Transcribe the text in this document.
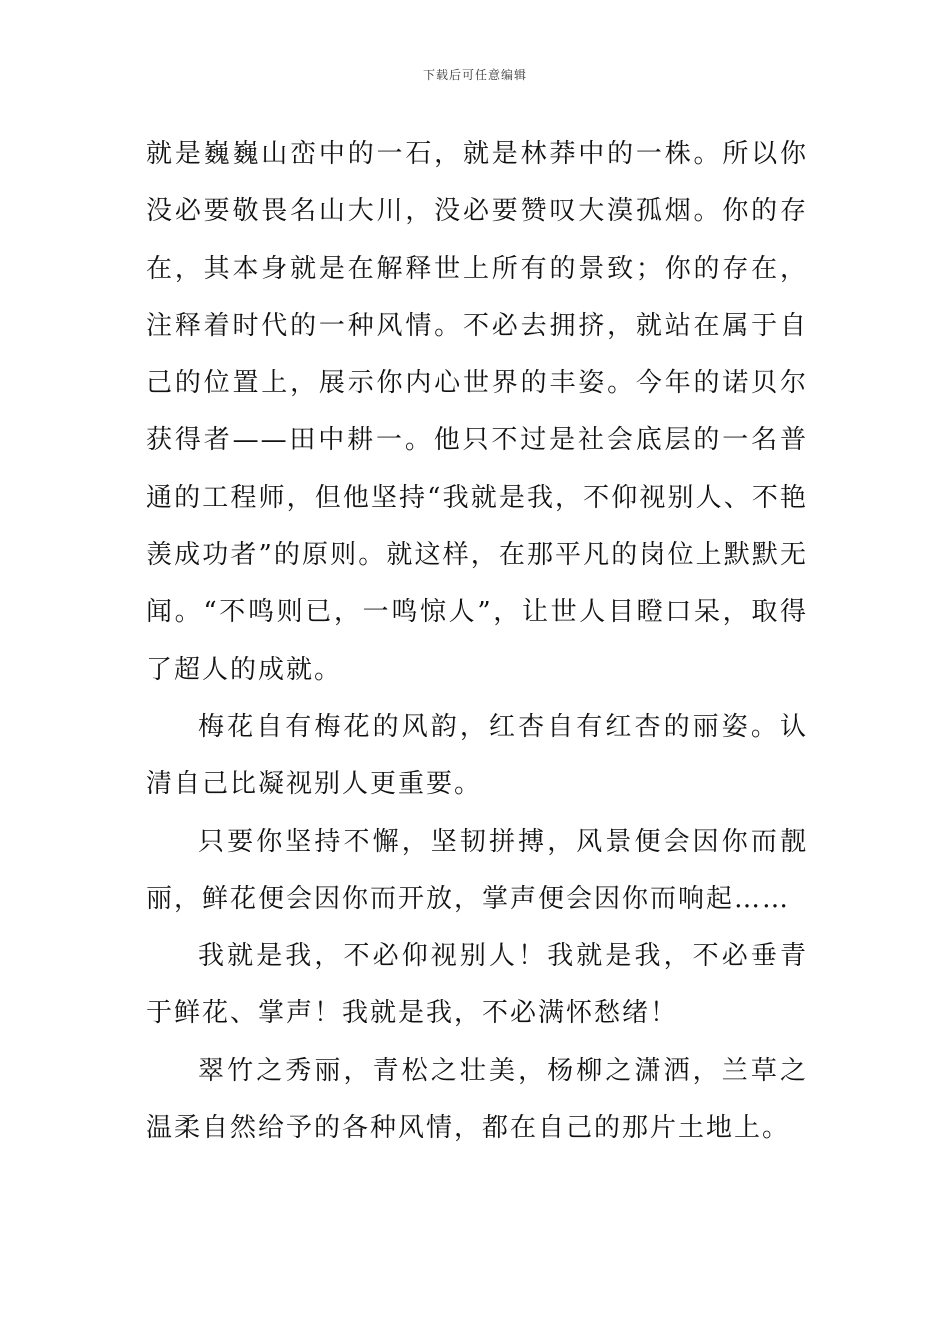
下载后可任意编辑

就是巍巍山峦中的一石，就是林莽中的一株。所以你没必要敬畏名山大川，没必要赞叹大漠孤烟。你的存在，其本身就是在解释世上所有的景致；你的存在，注释着时代的一种风情。不必去拥挤，就站在属于自己的位置上，展示你内心世界的丰姿。今年的诺贝尔获得者——田中耕一。他只不过是社会底层的一名普通的工程师，但他坚持“我就是我，不仰视别人、不艳羡成功者”的原则。就这样，在那平凡的岗位上默默无闻。“不鸣则已，一鸣惊人”，让世人目瞪口呆，取得了超人的成就。

梅花自有梅花的风韵，红杏自有红杏的丽姿。认清自己比凝视别人更重要。

只要你坚持不懈，坚韧拼搏，风景便会因你而靓丽，鲜花便会因你而开放，掌声便会因你而响起……

我就是我，不必仰视别人！我就是我，不必垂青于鲜花、掌声！我就是我，不必满怀愁绪！

翠竹之秀丽，青松之壮美，杨柳之潇洒，兰草之温柔自然给予的各种风情，都在自己的那片土地上。
